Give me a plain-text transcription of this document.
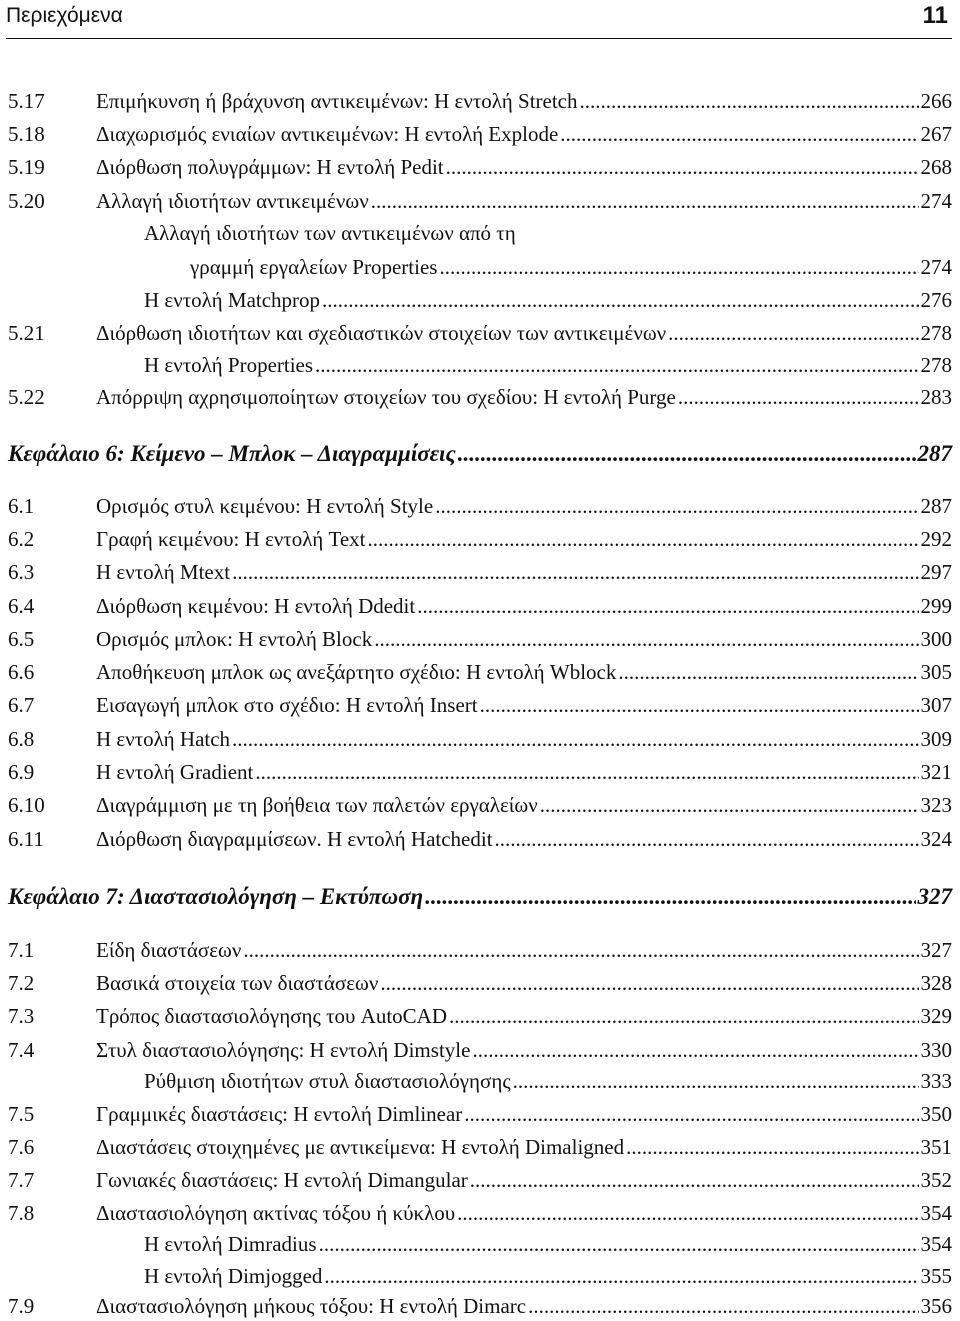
Περιεχόμενα	11
5.17 Επιμήκυνση ή βράχυνση αντικειμένων: Η εντολή Stretch .....	266
5.18 Διαχωρισμός ενιαίων αντικειμένων: Η εντολή Explode .....	267
5.19 Διόρθωση πολυγράμμων: Η εντολή Pedit .....	268
5.20 Αλλαγή ιδιοτήτων αντικειμένων .....	274
Αλλαγή ιδιοτήτων των αντικειμένων από τη
γραμμή εργαλείων Properties .....	274
Η εντολή Matchprop .....	276
5.21 Διόρθωση ιδιοτήτων και σχεδιαστικών στοιχείων των αντικειμένων .....	278
Η εντολή Properties .....	278
5.22 Απόρριψη αχρησιμοποίητων στοιχείων του σχεδίου: Η εντολή Purge .....	283
Κεφάλαιο 6: Κείμενο – Μπλοκ – Διαγραμμίσεις .....	287
6.1	Ορισμός στυλ κειμένου: Η εντολή Style .....	287
6.2	Γραφή κειμένου: Η εντολή Text .....	292
6.3	Η εντολή Mtext .....	297
6.4	Διόρθωση κειμένου: Η εντολή Ddedit .....	299
6.5	Ορισμός μπλοκ: Η εντολή Block .....	300
6.6	Αποθήκευση μπλοκ ως ανεξάρτητο σχέδιο: Η εντολή Wblock .....	305
6.7	Εισαγωγή μπλοκ στο σχέδιο: Η εντολή Insert .....	307
6.8	Η εντολή Hatch .....	309
6.9	Η εντολή Gradient .....	321
6.10 Διαγράμμιση με τη βοήθεια των παλετών εργαλείων .....	323
6.11 Διόρθωση διαγραμμίσεων. Η εντολή Hatchedit .....	324
Κεφάλαιο 7: Διαστασιολόγηση – Εκτύπωση .....	327
7.1	Είδη διαστάσεων .....	327
7.2	Βασικά στοιχεία των διαστάσεων .....	328
7.3	Τρόπος διαστασιολόγησης του AutoCAD .....	329
7.4	Στυλ διαστασιολόγησης: Η εντολή Dimstyle .....	330
Ρύθμιση ιδιοτήτων στυλ διαστασιολόγησης .....	333
7.5	Γραμμικές διαστάσεις: Η εντολή Dimlinear .....	350
7.6	Διαστάσεις στοιχημένες με αντικείμενα: Η εντολή Dimaligned .....	351
7.7	Γωνιακές διαστάσεις: Η εντολή Dimangular .....	352
7.8	Διαστασιολόγηση ακτίνας τόξου ή κύκλου .....	354
Η εντολή Dimradius .....	354
Η εντολή Dimjogged .....	355
7.9	Διαστασιολόγηση μήκους τόξου: Η εντολή Dimarc .....	356
